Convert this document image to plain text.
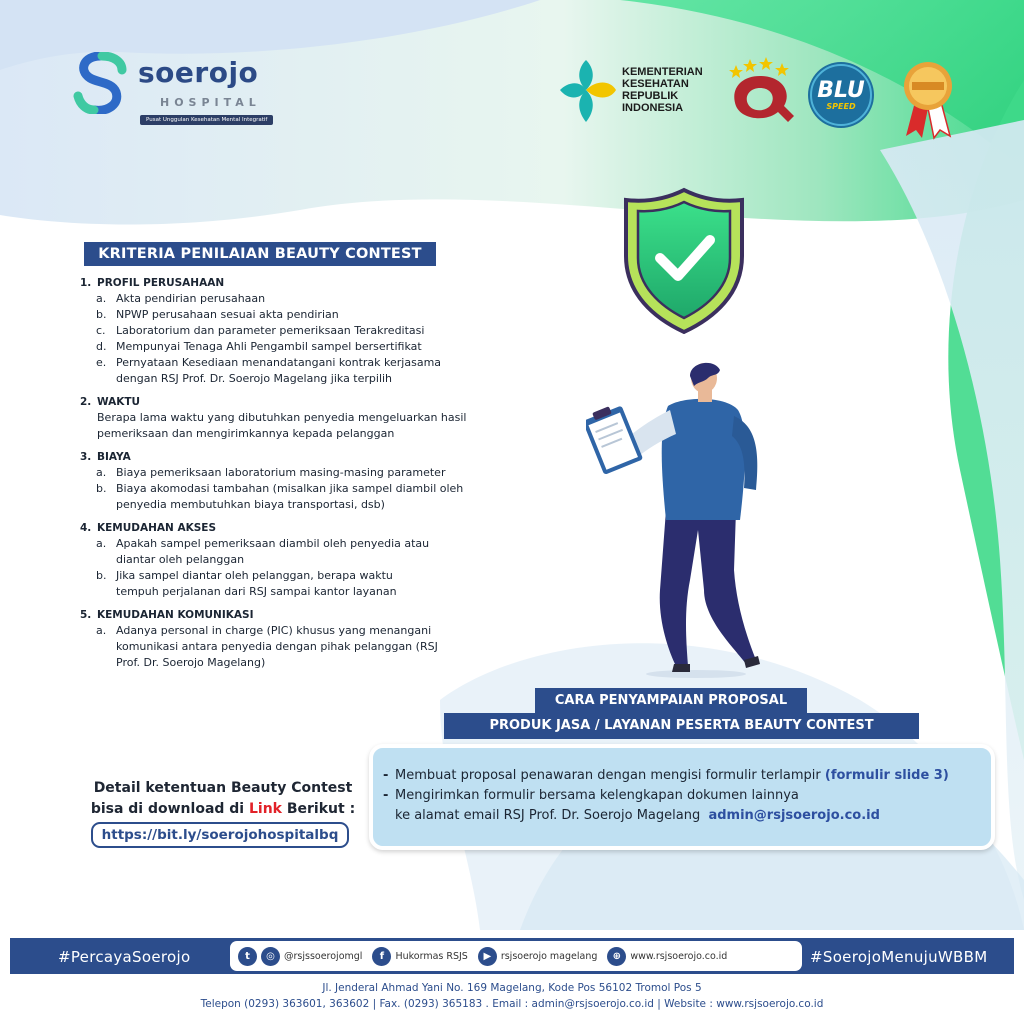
soerojo
HOSPITAL
Pusat Unggulan Kesehatan Mental Integratif
KEMENTERIAN
KESEHATAN
REPUBLIK
INDONESIA
BLU
SPEED
KRITERIA PENILAIAN BEAUTY CONTEST
1. PROFIL PERUSAHAAN
a. Akta pendirian perusahaan
b. NPWP perusahaan sesuai akta pendirian
c. Laboratorium dan parameter pemeriksaan Terakreditasi
d. Mempunyai Tenaga Ahli Pengambil sampel bersertifikat
e. Pernyataan Kesediaan menandatangani kontrak kerjasama dengan RSJ Prof. Dr. Soerojo Magelang jika terpilih
2. WAKTU
Berapa lama waktu yang dibutuhkan penyedia mengeluarkan hasil pemeriksaan dan mengirimkannya kepada pelanggan
3. BIAYA
a. Biaya pemeriksaan laboratorium masing-masing parameter
b. Biaya akomodasi tambahan (misalkan jika sampel diambil oleh penyedia membutuhkan biaya transportasi, dsb)
4. KEMUDAHAN AKSES
a. Apakah sampel pemeriksaan diambil oleh penyedia atau diantar oleh pelanggan
b. Jika sampel diantar oleh pelanggan, berapa waktu tempuh perjalanan dari RSJ sampai kantor layanan
5. KEMUDAHAN KOMUNIKASI
a. Adanya personal in charge (PIC) khusus yang menangani komunikasi antara penyedia dengan pihak pelanggan (RSJ Prof. Dr. Soerojo Magelang)
CARA PENYAMPAIAN PROPOSAL
PRODUK JASA / LAYANAN PESERTA BEAUTY CONTEST
- Membuat proposal penawaran dengan mengisi formulir terlampir (formulir slide 3)
- Mengirimkan formulir bersama kelengkapan dokumen lainnya
ke alamat email RSJ Prof. Dr. Soerojo Magelang admin@rsjsoerojo.co.id
Detail ketentuan Beauty Contest
bisa di download di Link Berikut :
https://bit.ly/soerojohospitalbq
#PercayaSoerojo	#SoerojoMenujuWBBM
t	◎ @rsjssoerojomgl	f	Hukormas RSJS	▶	rsjsoerojo magelang	⊕ www.rsjsoerojo.co.id
Jl. Jenderal Ahmad Yani No. 169 Magelang, Kode Pos 56102 Tromol Pos 5
Telepon (0293) 363601, 363602 | Fax. (0293) 365183 . Email : admin@rsjsoerojo.co.id | Website : www.rsjsoerojo.co.id
